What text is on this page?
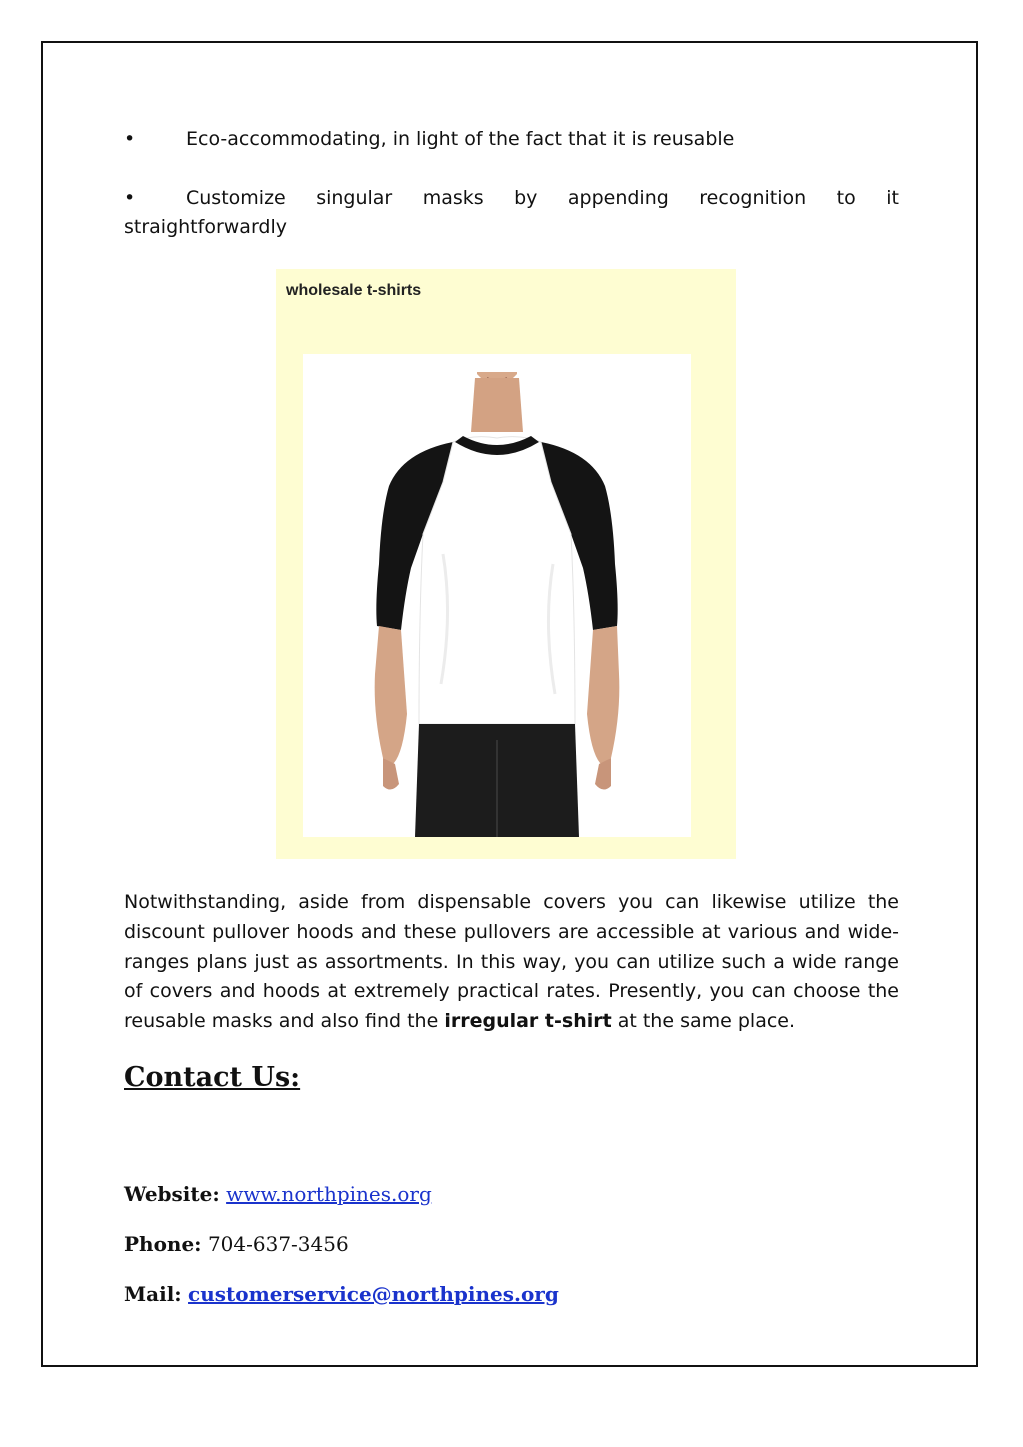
•	Eco-accommodating, in light of the fact that it is reusable
•	Customize singular masks by appending recognition to it
straightforwardly
wholesale t-shirts
Notwithstanding, aside from dispensable covers you can likewise utilize the discount pullover hoods and these pullovers are accessible at various and wide-ranges plans just as assortments. In this way, you can utilize such a wide range of covers and hoods at extremely practical rates. Presently, you can choose the reusable masks and also find the irregular t-shirt at the same place.
Contact Us:
Website: www.northpines.org
Phone: 704-637-3456
Mail: customerservice@northpines.org
